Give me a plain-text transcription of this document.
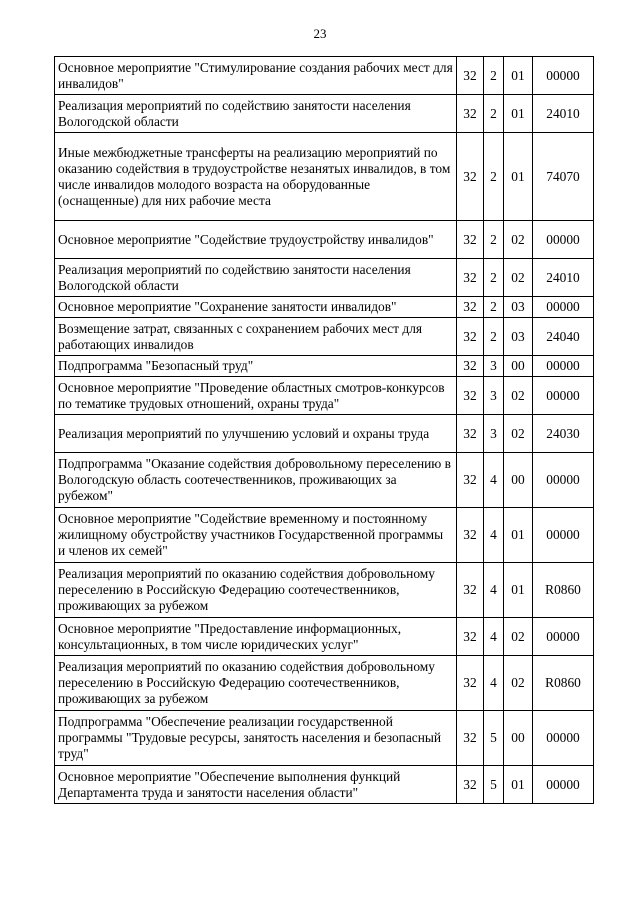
23
Основное мероприятие "Стимулирование создания рабочих мест для инвалидов"	32	2	01	00000
Реализация мероприятий по содействию занятости населения Вологодской области	32	2	01	24010
Иные межбюджетные трансферты на реализацию мероприятий по оказанию содействия в трудоустройстве незанятых инвалидов, в том числе инвалидов молодого возраста на оборудованные (оснащенные) для них рабочие места	32	2	01	74070
Основное мероприятие "Содействие трудоустройству инвалидов"	32	2	02	00000
Реализация мероприятий по содействию занятости населения Вологодской области	32	2	02	24010
Основное мероприятие "Сохранение занятости инвалидов"	32	2	03	00000
Возмещение затрат, связанных с сохранением рабочих мест для работающих инвалидов	32	2	03	24040
Подпрограмма "Безопасный труд"	32	3	00	00000
Основное мероприятие "Проведение областных смотров-конкурсов по тематике трудовых отношений, охраны труда"	32	3	02	00000
Реализация мероприятий по улучшению условий и охраны труда	32	3	02	24030
Подпрограмма "Оказание содействия добровольному переселению в Вологодскую область соотечественников, проживающих за рубежом"	32	4	00	00000
Основное мероприятие "Содействие временному и постоянному жилищному обустройству участников Государственной программы и членов их семей"	32	4	01	00000
Реализация мероприятий по оказанию содействия добровольному переселению в Российскую Федерацию соотечественников, проживающих за рубежом	32	4	01	R0860
Основное мероприятие "Предоставление информационных, консультационных, в том числе юридических услуг"	32	4	02	00000
Реализация мероприятий по оказанию содействия добровольному переселению в Российскую Федерацию соотечественников, проживающих за рубежом	32	4	02	R0860
Подпрограмма "Обеспечение реализации государственной программы "Трудовые ресурсы, занятость населения и безопасный труд"	32	5	00	00000
Основное мероприятие "Обеспечение выполнения функций Департамента труда и занятости населения области"	32	5	01	00000
